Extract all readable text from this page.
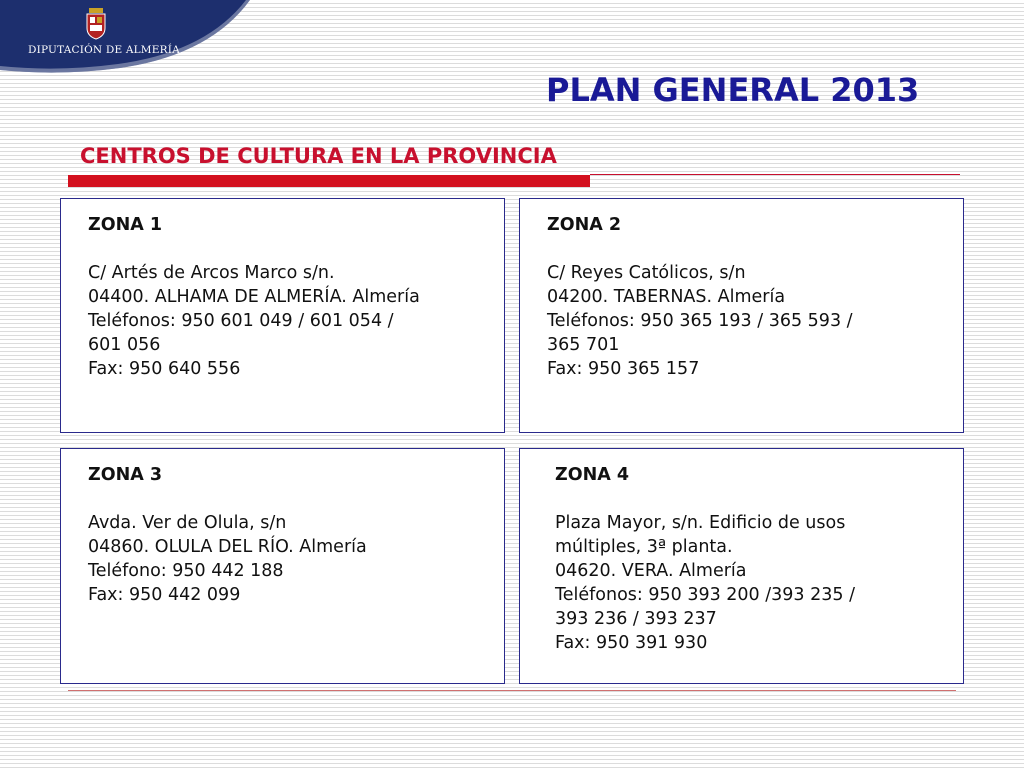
DIPUTACIÓN DE ALMERÍA
PLAN GENERAL 2013
CENTROS DE CULTURA EN LA PROVINCIA
ZONA 1
C/ Artés de Arcos Marco s/n.
04400. ALHAMA DE ALMERÍA. Almería
Teléfonos: 950 601 049 / 601 054 /
601 056
Fax: 950 640 556
ZONA 2
C/ Reyes Católicos, s/n
04200. TABERNAS. Almería
Teléfonos: 950 365 193 / 365 593 /
365 701
Fax: 950 365 157
ZONA 3
Avda. Ver de Olula, s/n
04860. OLULA DEL RÍO. Almería
Teléfono: 950 442 188
Fax: 950 442 099
ZONA 4
Plaza Mayor, s/n. Edificio de usos
múltiples, 3ª planta.
04620. VERA. Almería
Teléfonos: 950 393 200 /393 235 /
393 236 / 393 237
Fax: 950 391 930
